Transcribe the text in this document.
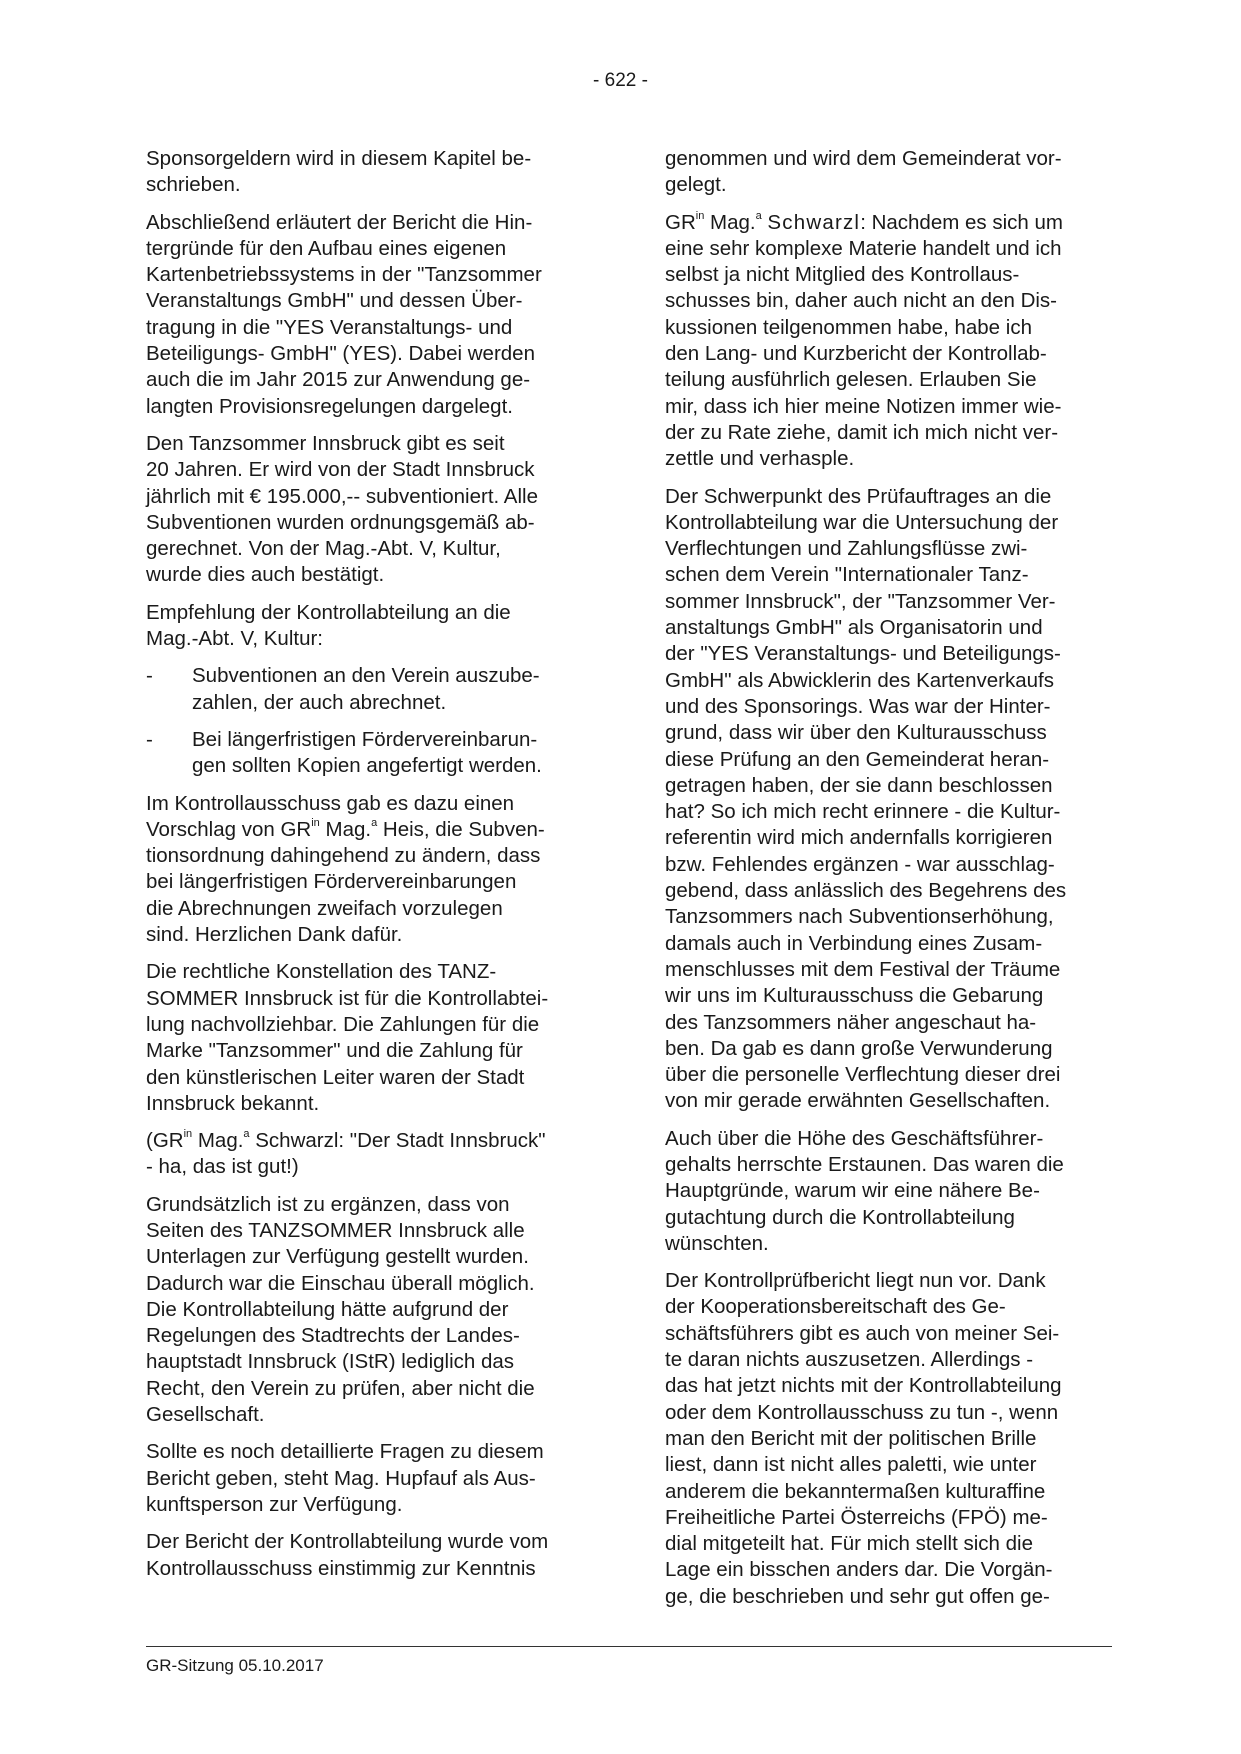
- 622 -

Sponsorgeldern wird in diesem Kapitel be-
schrieben.

Abschließend erläutert der Bericht die Hin-
tergründe für den Aufbau eines eigenen
Kartenbetriebssystems in der "Tanzsommer
Veranstaltungs GmbH" und dessen Über-
tragung in die "YES Veranstaltungs- und
Beteiligungs- GmbH" (YES). Dabei werden
auch die im Jahr 2015 zur Anwendung ge-
langten Provisionsregelungen dargelegt.

Den Tanzsommer Innsbruck gibt es seit
20 Jahren. Er wird von der Stadt Innsbruck
jährlich mit € 195.000,-- subventioniert. Alle
Subventionen wurden ordnungsgemäß ab-
gerechnet. Von der Mag.-Abt. V, Kultur,
wurde dies auch bestätigt.

Empfehlung der Kontrollabteilung an die
Mag.-Abt. V, Kultur:

-	Subventionen an den Verein auszube-
zahlen, der auch abrechnet.
-	Bei längerfristigen Fördervereinbarun-
gen sollten Kopien angefertigt werden.

Im Kontrollausschuss gab es dazu einen
Vorschlag von $GR^{in}$ Mag.$^a$ Heis, die Subven-
tionsordnung dahingehend zu ändern, dass
bei längerfristigen Fördervereinbarungen
die Abrechnungen zweifach vorzulegen
sind. Herzlichen Dank dafür.

Die rechtliche Konstellation des TANZ-
SOMMER Innsbruck ist für die Kontrollabtei-
lung nachvollziehbar. Die Zahlungen für die
Marke "Tanzsommer" und die Zahlung für
den künstlerischen Leiter waren der Stadt
Innsbruck bekannt.

($GR^{in}$ Mag.$^a$ Schwarzl: "Der Stadt Innsbruck"
- ha, das ist gut!)

Grundsätzlich ist zu ergänzen, dass von
Seiten des TANZSOMMER Innsbruck alle
Unterlagen zur Verfügung gestellt wurden.
Dadurch war die Einschau überall möglich.
Die Kontrollabteilung hätte aufgrund der
Regelungen des Stadtrechts der Landes-
hauptstadt Innsbruck (IStR) lediglich das
Recht, den Verein zu prüfen, aber nicht die
Gesellschaft.

Sollte es noch detaillierte Fragen zu diesem
Bericht geben, steht Mag. Hupfauf als Aus-
kunftsperson zur Verfügung.

Der Bericht der Kontrollabteilung wurde vom
Kontrollausschuss einstimmig zur Kenntnis

genommen und wird dem Gemeinderat vor-
gelegt.

$GR^{in}$ Mag.$^a$ Schwarzl: Nachdem es sich um
eine sehr komplexe Materie handelt und ich
selbst ja nicht Mitglied des Kontrollaus-
schusses bin, daher auch nicht an den Dis-
kussionen teilgenommen habe, habe ich
den Lang- und Kurzbericht der Kontrollab-
teilung ausführlich gelesen. Erlauben Sie
mir, dass ich hier meine Notizen immer wie-
der zu Rate ziehe, damit ich mich nicht ver-
zettle und verhasple.

Der Schwerpunkt des Prüfauftrages an die
Kontrollabteilung war die Untersuchung der
Verflechtungen und Zahlungsflüsse zwi-
schen dem Verein "Internationaler Tanz-
sommer Innsbruck", der "Tanzsommer Ver-
anstaltungs GmbH" als Organisatorin und
der "YES Veranstaltungs- und Beteiligungs-
GmbH" als Abwicklerin des Kartenverkaufs
und des Sponsorings. Was war der Hinter-
grund, dass wir über den Kulturausschuss
diese Prüfung an den Gemeinderat heran-
getragen haben, der sie dann beschlossen
hat? So ich mich recht erinnere - die Kultur-
referentin wird mich andernfalls korrigieren
bzw. Fehlendes ergänzen - war ausschlag-
gebend, dass anlässlich des Begehrens des
Tanzsommers nach Subventionserhöhung,
damals auch in Verbindung eines Zusam-
menschlusses mit dem Festival der Träume
wir uns im Kulturausschuss die Gebarung
des Tanzsommers näher angeschaut ha-
ben. Da gab es dann große Verwunderung
über die personelle Verflechtung dieser drei
von mir gerade erwähnten Gesellschaften.

Auch über die Höhe des Geschäftsführer-
gehalts herrschte Erstaunen. Das waren die
Hauptgründe, warum wir eine nähere Be-
gutachtung durch die Kontrollabteilung
wünschten.

Der Kontrollprüfbericht liegt nun vor. Dank
der Kooperationsbereitschaft des Ge-
schäftsführers gibt es auch von meiner Sei-
te daran nichts auszusetzen. Allerdings -
das hat jetzt nichts mit der Kontrollabteilung
oder dem Kontrollausschuss zu tun -, wenn
man den Bericht mit der politischen Brille
liest, dann ist nicht alles paletti, wie unter
anderem die bekanntermaßen kulturaffine
Freiheitliche Partei Österreichs (FPÖ) me-
dial mitgeteilt hat. Für mich stellt sich die
Lage ein bisschen anders dar. Die Vorgän-
ge, die beschrieben und sehr gut offen ge-

GR-Sitzung 05.10.2017
